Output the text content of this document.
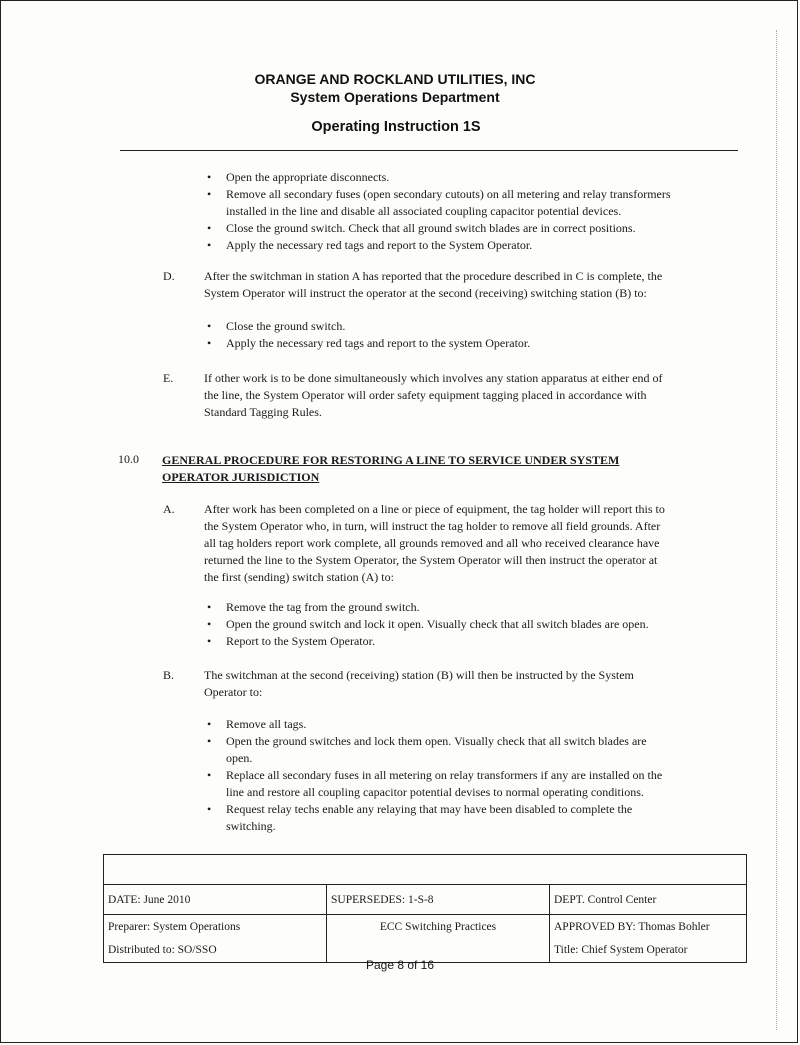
ORANGE AND ROCKLAND UTILITIES, INC
System Operations Department
Operating Instruction 1S
• Open the appropriate disconnects.
• Remove all secondary fuses (open secondary cutouts) on all metering and relay transformers
installed in the line and disable all associated coupling capacitor potential devices.
• Close the ground switch. Check that all ground switch blades are in correct positions.
• Apply the necessary red tags and report to the System Operator.
D. After the switchman in station A has reported that the procedure described in C is complete, the
System Operator will instruct the operator at the second (receiving) switching station (B) to:
• Close the ground switch.
• Apply the necessary red tags and report to the system Operator.
E.	If other work is to be done simultaneously which involves any station apparatus at either end of
the line, the System Operator will order safety equipment tagging placed in accordance with
Standard Tagging Rules.
10.0 GENERAL PROCEDURE FOR RESTORING A LINE TO SERVICE UNDER SYSTEM
OPERATOR JURISDICTION
A. After work has been completed on a line or piece of equipment, the tag holder will report this to
the System Operator who, in turn, will instruct the tag holder to remove all field grounds. After
all tag holders report work complete, all grounds removed and all who received clearance have
returned the line to the System Operator, the System Operator will then instruct the operator at
the first (sending) switch station (A) to:
• Remove the tag from the ground switch.
• Open the ground switch and lock it open. Visually check that all switch blades are open.
• Report to the System Operator.
B. The switchman at the second (receiving) station (B) will then be instructed by the System
Operator to:
• Remove all tags.
• Open the ground switches and lock them open. Visually check that all switch blades are
open.
• Replace all secondary fuses in all metering on relay transformers if any are installed on the
line and restore all coupling capacitor potential devises to normal operating conditions.
• Request relay techs enable any relaying that may have been disabled to complete the
switching.

DATE: June 2010	SUPERSEDES: 1-S-8	DEPT. Control Center
Preparer: System Operations	ECC Switching Practices	APPROVED BY: Thomas Bohler
Distributed to: SO/SSO		Title: Chief System Operator
Page 8 of 16
